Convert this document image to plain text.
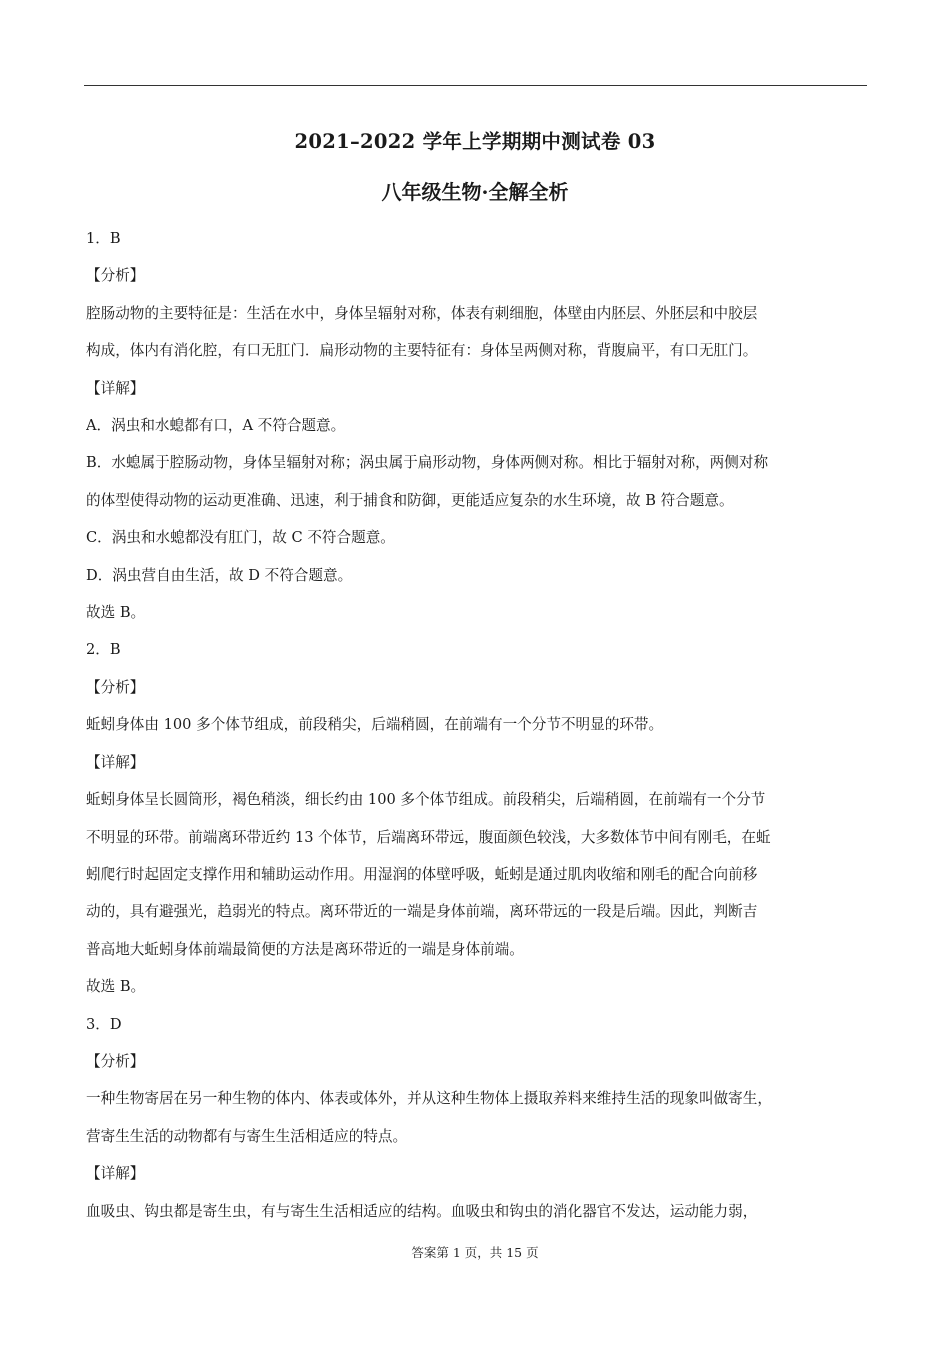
2021–2022 学年上学期期中测试卷 03
八年级生物·全解全析

1．B

【分析】

腔肠动物的主要特征是：生活在水中，身体呈辐射对称，体表有刺细胞，体壁由内胚层、外胚层和中胶层

构成，体内有消化腔，有口无肛门．扁形动物的主要特征有：身体呈两侧对称，背腹扁平，有口无肛门。

【详解】

A．涡虫和水螅都有口，A 不符合题意。

B．水螅属于腔肠动物，身体呈辐射对称；涡虫属于扁形动物，身体两侧对称。相比于辐射对称，两侧对称

的体型使得动物的运动更准确、迅速，利于捕食和防御，更能适应复杂的水生环境，故 B 符合题意。

C．涡虫和水螅都没有肛门，故 C 不符合题意。

D．涡虫营自由生活，故 D 不符合题意。

故选 B。

2．B

【分析】

蚯蚓身体由 100 多个体节组成，前段稍尖，后端稍圆，在前端有一个分节不明显的环带。

【详解】

蚯蚓身体呈长圆筒形，褐色稍淡，细长约由 100 多个体节组成。前段稍尖，后端稍圆，在前端有一个分节

不明显的环带。前端离环带近约 13 个体节，后端离环带远，腹面颜色较浅，大多数体节中间有刚毛，在蚯

蚓爬行时起固定支撑作用和辅助运动作用。用湿润的体壁呼吸，蚯蚓是通过肌肉收缩和刚毛的配合向前移

动的，具有避强光，趋弱光的特点。离环带近的一端是身体前端，离环带远的一段是后端。因此，判断吉

普高地大蚯蚓身体前端最简便的方法是离环带近的一端是身体前端。

故选 B。

3．D

【分析】

一种生物寄居在另一种生物的体内、体表或体外，并从这种生物体上摄取养料来维持生活的现象叫做寄生，

营寄生生活的动物都有与寄生生活相适应的特点。

【详解】

血吸虫、钩虫都是寄生虫，有与寄生生活相适应的结构。血吸虫和钩虫的消化器官不发达，运动能力弱，

答案第 1 页，共 15 页
